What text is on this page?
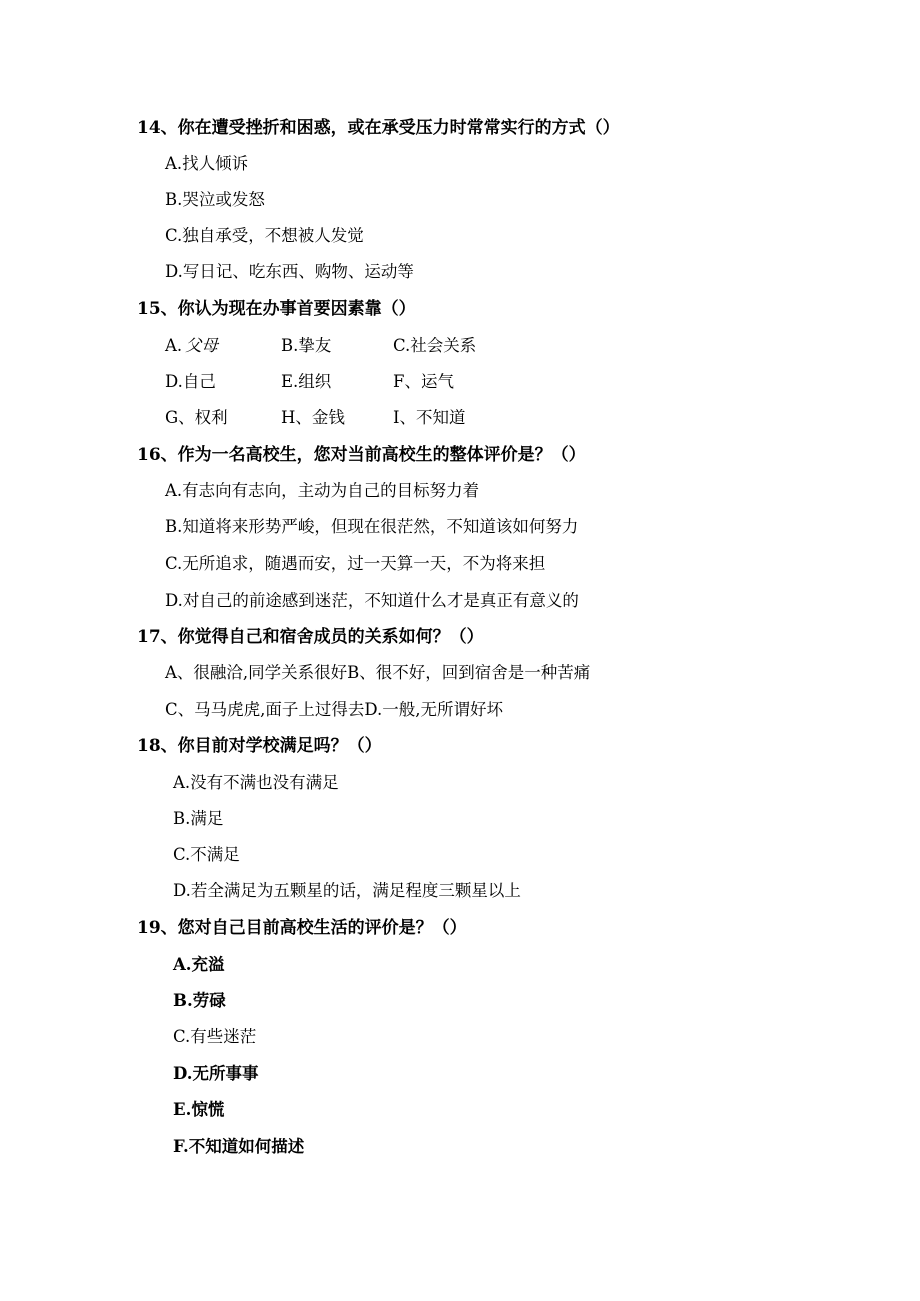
14、你在遭受挫折和困惑，或在承受压力时常常实行的方式（）
A.找人倾诉
B.哭泣或发怒
C.独自承受，不想被人发觉
D.写日记、吃东西、购物、运动等
15、你认为现在办事首要因素靠（）
A. 父母	B.挚友	C.社会关系
D.自己	E.组织	F、运气
G、权利	H、金钱	I、不知道
16、作为一名高校生，您对当前高校生的整体评价是？（）
A.有志向有志向，主动为自己的目标努力着
B.知道将来形势严峻，但现在很茫然，不知道该如何努力
C.无所追求，随遇而安，过一天算一天，不为将来担
D.对自己的前途感到迷茫，不知道什么才是真正有意义的
17、你觉得自己和宿舍成员的关系如何？（）
A、很融洽,同学关系很好B、很不好，回到宿舍是一种苦痛
C、马马虎虎,面子上过得去D.一般,无所谓好坏
18、你目前对学校满足吗？（）
A.没有不满也没有满足
B.满足
C.不满足
D.若全满足为五颗星的话，满足程度三颗星以上
19、您对自己目前高校生活的评价是？（）
A.充溢
B.劳碌
C.有些迷茫
D.无所事事
E.惊慌
F.不知道如何描述
